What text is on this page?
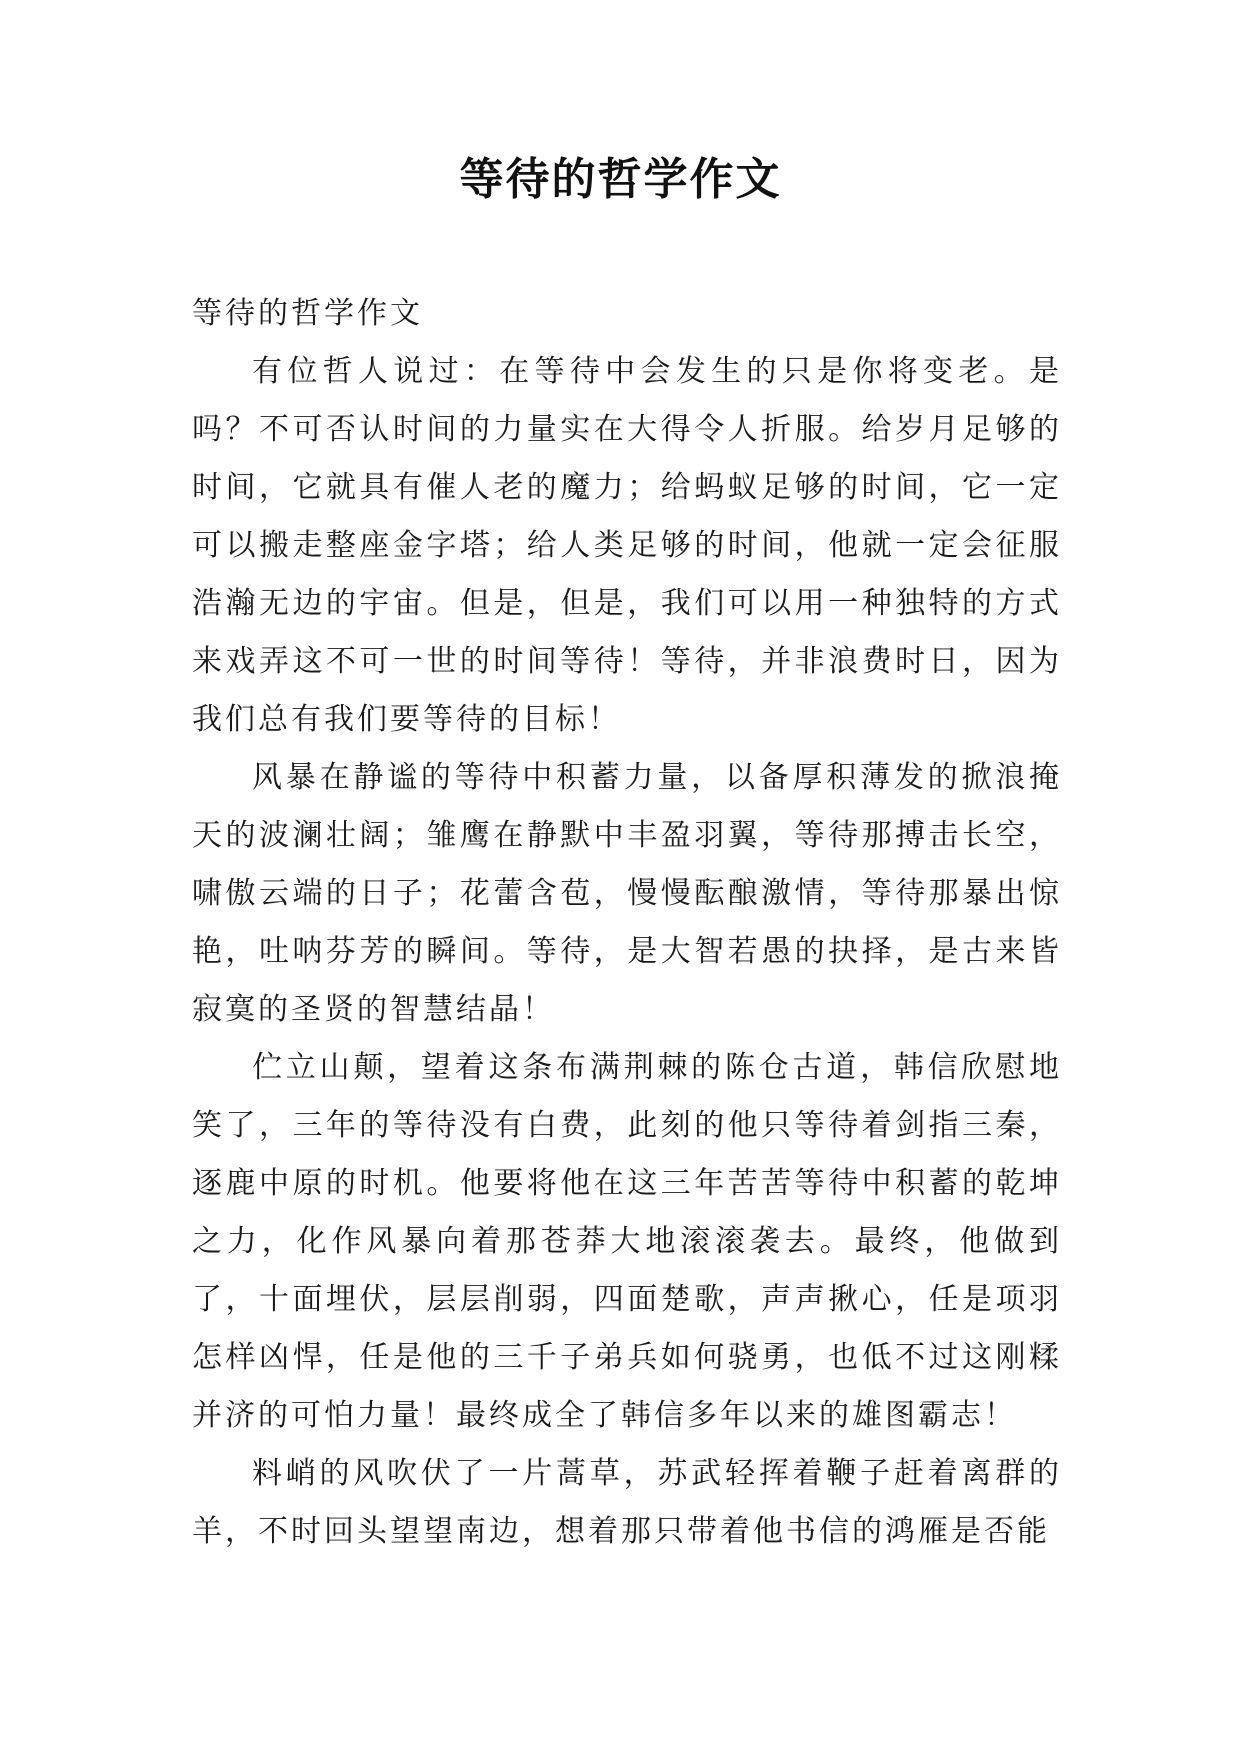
等待的哲学作文

等待的哲学作文

有位哲人说过：在等待中会发生的只是你将变老。是吗？不可否认时间的力量实在大得令人折服。给岁月足够的时间，它就具有催人老的魔力；给蚂蚁足够的时间，它一定可以搬走整座金字塔；给人类足够的时间，他就一定会征服浩瀚无边的宇宙。但是，但是，我们可以用一种独特的方式来戏弄这不可一世的时间等待！等待，并非浪费时日，因为我们总有我们要等待的目标！

风暴在静谧的等待中积蓄力量，以备厚积薄发的掀浪掩天的波澜壮阔；雏鹰在静默中丰盈羽翼，等待那搏击长空，啸傲云端的日子；花蕾含苞，慢慢酝酿激情，等待那暴出惊艳，吐呐芬芳的瞬间。等待，是大智若愚的抉择，是古来皆寂寞的圣贤的智慧结晶！

伫立山颠，望着这条布满荆棘的陈仓古道，韩信欣慰地笑了，三年的等待没有白费，此刻的他只等待着剑指三秦，逐鹿中原的时机。他要将他在这三年苦苦等待中积蓄的乾坤之力，化作风暴向着那苍莽大地滚滚袭去。最终，他做到了，十面埋伏，层层削弱，四面楚歌，声声揪心，任是项羽怎样凶悍，任是他的三千子弟兵如何骁勇，也低不过这刚糅并济的可怕力量！最终成全了韩信多年以来的雄图霸志！

料峭的风吹伏了一片蒿草，苏武轻挥着鞭子赶着离群的羊，不时回头望望南边，想着那只带着他书信的鸿雁是否能
